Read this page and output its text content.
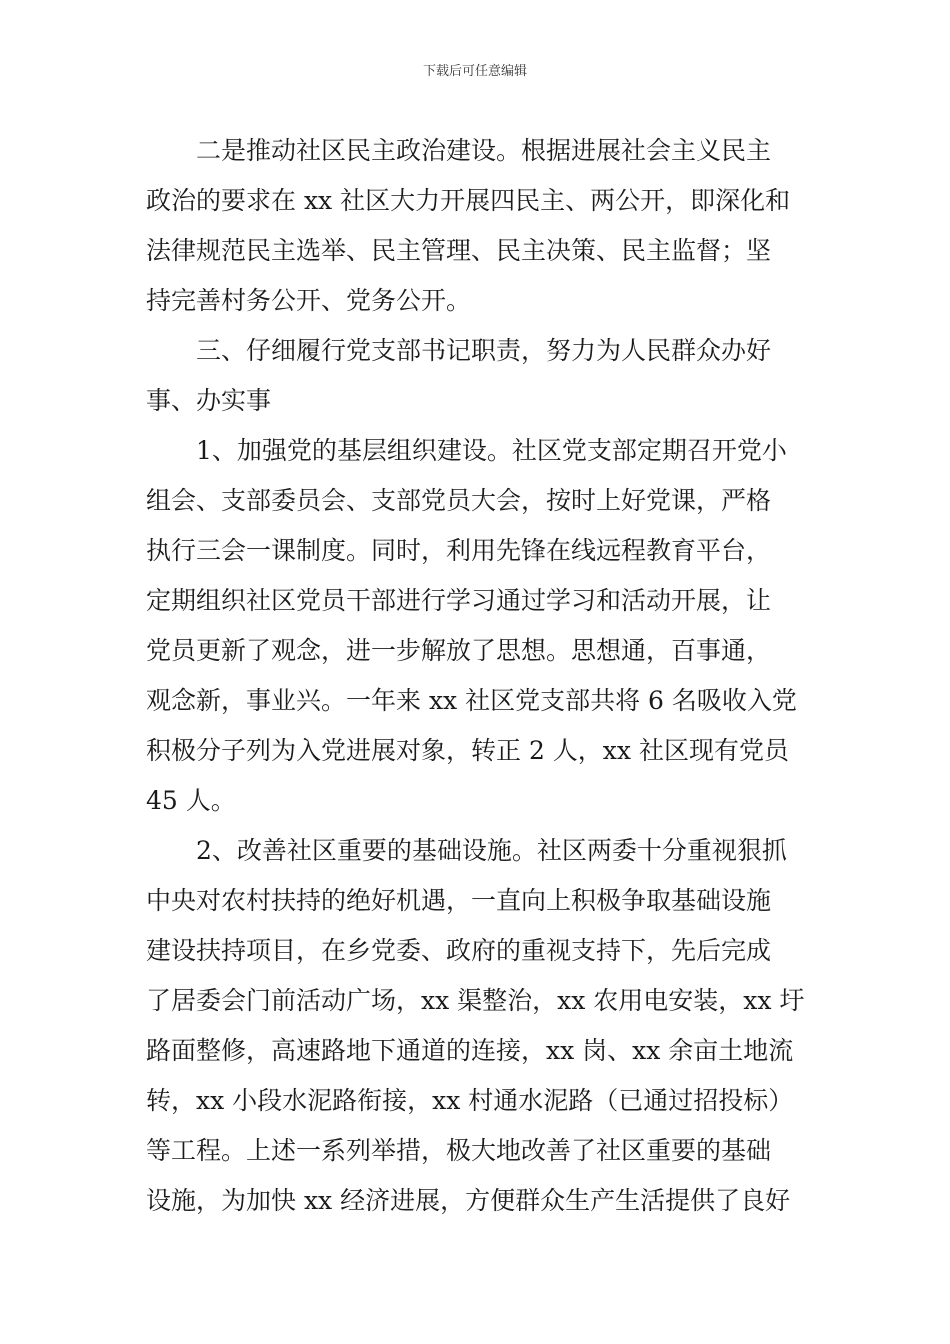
下载后可任意编辑

二是推动社区民主政治建设。根据进展社会主义民主
政治的要求在 xx 社区大力开展四民主、两公开，即深化和
法律规范民主选举、民主管理、民主决策、民主监督；坚
持完善村务公开、党务公开。

三、仔细履行党支部书记职责，努力为人民群众办好
事、办实事

1、加强党的基层组织建设。社区党支部定期召开党小
组会、支部委员会、支部党员大会，按时上好党课，严格
执行三会一课制度。同时，利用先锋在线远程教育平台，
定期组织社区党员干部进行学习通过学习和活动开展，让
党员更新了观念，进一步解放了思想。思想通，百事通，
观念新，事业兴。一年来 xx 社区党支部共将 6 名吸收入党
积极分子列为入党进展对象，转正 2 人，xx 社区现有党员
45 人。

2、改善社区重要的基础设施。社区两委十分重视狠抓
中央对农村扶持的绝好机遇，一直向上积极争取基础设施
建设扶持项目，在乡党委、政府的重视支持下，先后完成
了居委会门前活动广场，xx 渠整治，xx 农用电安装，xx 圩
路面整修，高速路地下通道的连接，xx 岗、xx 余亩土地流
转，xx 小段水泥路衔接，xx 村通水泥路（已通过招投标）
等工程。上述一系列举措，极大地改善了社区重要的基础
设施，为加快 xx 经济进展，方便群众生产生活提供了良好
